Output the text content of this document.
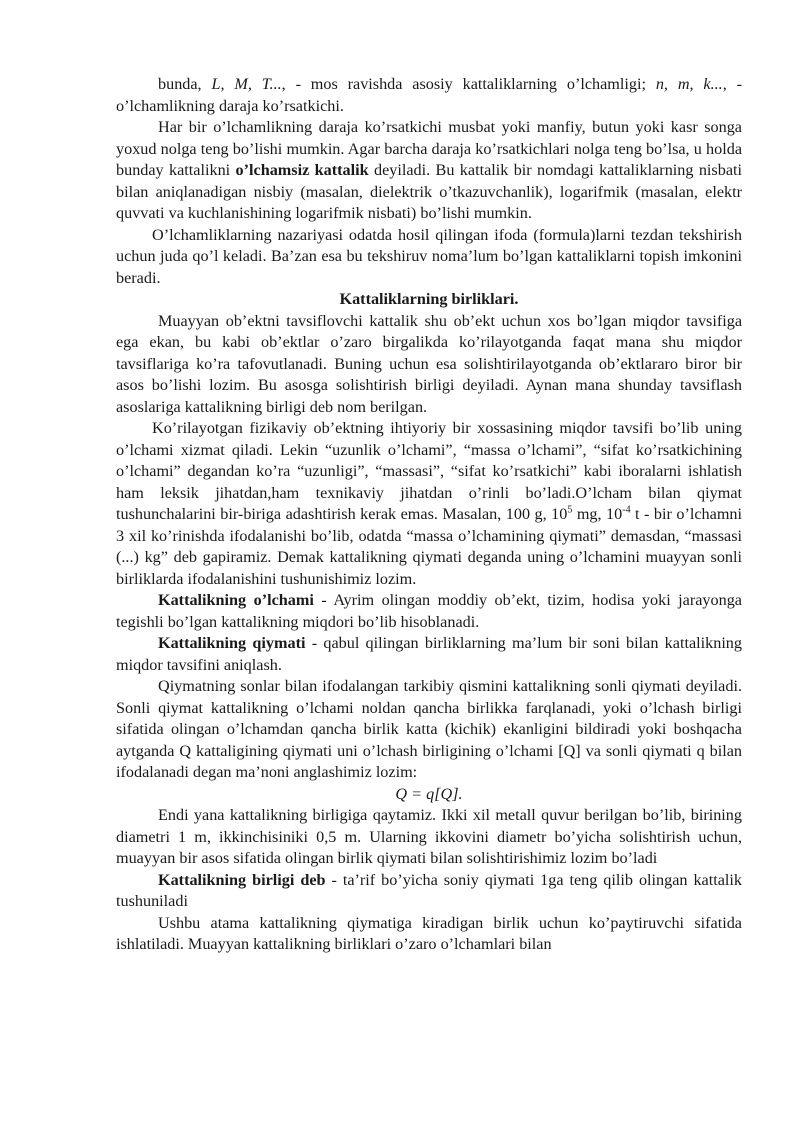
bunda, L, M, T..., - mos ravishda asosiy kattaliklarning o’lchamligi; n, m, k..., - o’lchamlikning daraja ko’rsatkichi.

Har bir o’lchamlikning daraja ko’rsatkichi musbat yoki manfiy, butun yoki kasr songa yoxud nolga teng bo’lishi mumkin. Agar barcha daraja ko’rsatkichlari nolga teng bo’lsa, u holda bunday kattalikni o’lchamsiz kattalik deyiladi. Bu kattalik bir nomdagi kattaliklarning nisbati bilan aniqlanadigan nisbiy (masalan, dielektrik o’tkazuvchanlik), logarifmik (masalan, elektr quvvati va kuchlanishining logarifmik nisbati) bo’lishi mumkin.

O’lchamliklarning nazariyasi odatda hosil qilingan ifoda (formula)larni tezdan tekshirish uchun juda qo’l keladi. Ba’zan esa bu tekshiruv noma’lum bo’lgan kattaliklarni topish imkonini beradi.

Kattaliklarning birliklari.

Muayyan ob’ektni tavsiflovchi kattalik shu ob’ekt uchun xos bo’lgan miqdor tavsifiga ega ekan, bu kabi ob’ektlar o’zaro birgalikda ko’rilayotganda faqat mana shu miqdor tavsiflariga ko’ra tafovutlanadi. Buning uchun esa solishtirilayotganda ob’ektlararo biror bir asos bo’lishi lozim. Bu asosga solishtirish birligi deyiladi. Aynan mana shunday tavsiflash asoslariga kattalikning birligi deb nom berilgan.

Ko’rilayotgan fizikaviy ob’ektning ihtiyoriy bir xossasining miqdor tavsifi bo’lib uning o’lchami xizmat qiladi. Lekin “uzunlik o’lchami”, “massa o’lchami”, “sifat ko’rsatkichining o’lchami” degandan ko’ra “uzunligi”, “massasi”, “sifat ko’rsatkichi” kabi iboralarni ishlatish ham leksik jihatdan,ham texnikaviy jihatdan o’rinli bo’ladi.O’lcham bilan qiymat tushunchalarini bir-biriga adashtirish kerak emas. Masalan, 100 g, $10^5$ mg, $10^{-4}$ t - bir o’lchamni 3 xil ko’rinishda ifodalanishi bo’lib, odatda “massa o’lchamining qiymati” demasdan, “massasi (...) kg” deb gapiramiz. Demak kattalikning qiymati deganda uning o’lchamini muayyan sonli birliklarda ifodalanishini tushunishimiz lozim.

Kattalikning o’lchami - Ayrim olingan moddiy ob’ekt, tizim, hodisa yoki jarayonga tegishli bo’lgan kattalikning miqdori bo’lib hisoblanadi.

Kattalikning qiymati - qabul qilingan birliklarning ma’lum bir soni bilan kattalikning miqdor tavsifini aniqlash.

Qiymatning sonlar bilan ifodalangan tarkibiy qismini kattalikning sonli qiymati deyiladi. Sonli qiymat kattalikning o’lchami noldan qancha birlikka farqlanadi, yoki o’lchash birligi sifatida olingan o’lchamdan qancha birlik katta (kichik) ekanligini bildiradi yoki boshqacha aytganda Q kattaligining qiymati uni o’lchash birligining o’lchami [Q] va sonli qiymati q bilan ifodalanadi degan ma’noni anglashimiz lozim:

Q = q[Q].

Endi yana kattalikning birligiga qaytamiz. Ikki xil metall quvur berilgan bo’lib, birining diametri 1 m, ikkinchisiniki 0,5 m. Ularning ikkovini diametr bo’yicha solishtirish uchun, muayyan bir asos sifatida olingan birlik qiymati bilan solishtirishimiz lozim bo’ladi

Kattalikning birligi deb - ta’rif bo’yicha soniy qiymati 1ga teng qilib olingan kattalik tushuniladi

Ushbu atama kattalikning qiymatiga kiradigan birlik uchun ko’paytiruvchi sifatida ishlatiladi. Muayyan kattalikning birliklari o’zaro o’lchamlari bilan
